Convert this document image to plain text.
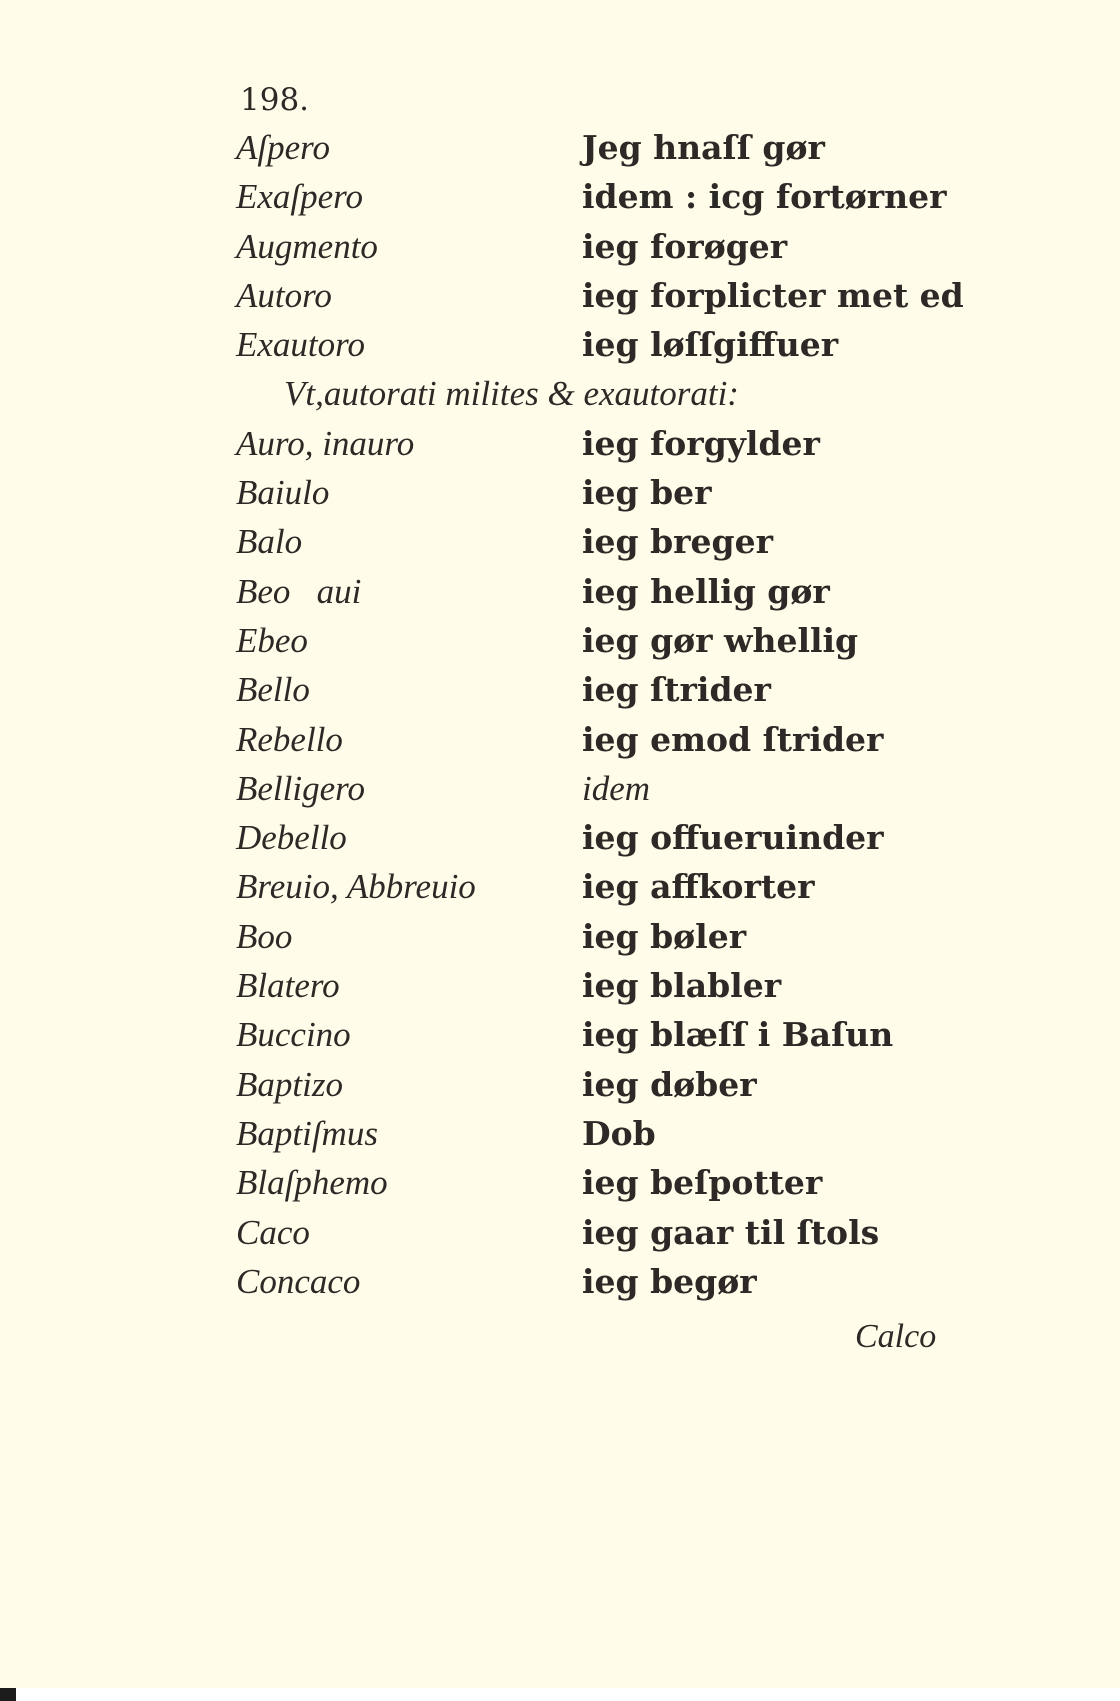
198.
Aſpero	Jeg hnaſſ gør
Exaſpero	idem : icg fortørner
Augmento	ieg forøger
Autoro	ieg forplicter met ed
Exautoro	ieg løſſgiffuer
Vt,autorati milites & exautorati:
Auro, inauro	ieg forgylder
Baiulo	ieg ber
Balo	ieg breger
Beo   aui	ieg hellig gør
Ebeo	ieg gør whellig
Bello	ieg ſtrider
Rebello	ieg emod ſtrider
Belligero	idem
Debello	ieg offueruinder
Breuio, Abbreuio	ieg affkorter
Boo	ieg bøler
Blatero	ieg blabler
Buccino	ieg blæſſ i Baſun
Baptizo	ieg døber
Baptiſmus	Dob
Blaſphemo	ieg beſpotter
Caco	ieg gaar til ſtols
Concaco	ieg begør
Calco
